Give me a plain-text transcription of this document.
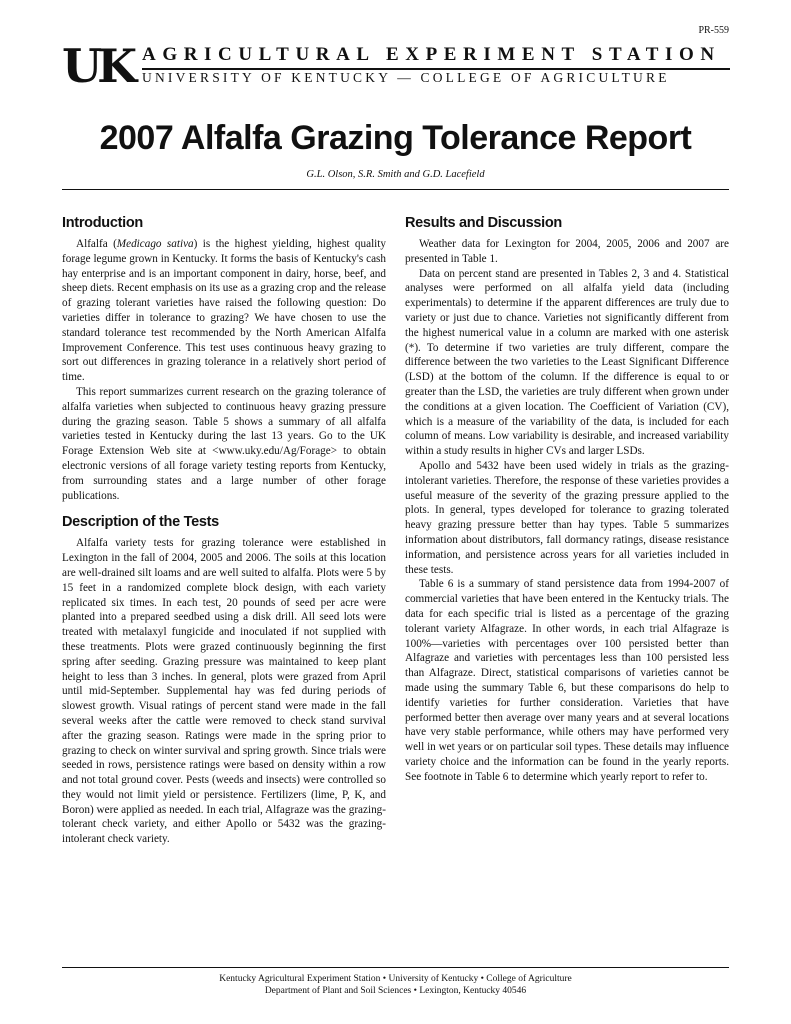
PR-559
UK AGRICULTURAL EXPERIMENT STATION
UNIVERSITY OF KENTUCKY — COLLEGE OF AGRICULTURE
2007 Alfalfa Grazing Tolerance Report
G.L. Olson, S.R. Smith and G.D. Lacefield
Introduction

Alfalfa (Medicago sativa) is the highest yielding, highest quality forage legume grown in Kentucky. It forms the basis of Kentucky's cash hay enterprise and is an important component in dairy, horse, beef, and sheep diets. Recent emphasis on its use as a grazing crop and the release of grazing tolerant varieties have raised the following question: Do varieties differ in tolerance to grazing? We have chosen to use the standard tolerance test recommended by the North American Alfalfa Improvement Conference. This test uses continuous heavy grazing to sort out differences in grazing tolerance in a relatively short period of time.

This report summarizes current research on the grazing tolerance of alfalfa varieties when subjected to continuous heavy grazing pressure during the grazing season. Table 5 shows a summary of all alfalfa varieties tested in Kentucky during the last 13 years. Go to the UK Forage Extension Web site at <www.uky.edu/Ag/Forage> to obtain electronic versions of all forage variety testing reports from Kentucky, from surrounding states and a large number of other forage publications.

Description of the Tests

Alfalfa variety tests for grazing tolerance were established in Lexington in the fall of 2004, 2005 and 2006. The soils at this location are well-drained silt loams and are well suited to alfalfa. Plots were 5 by 15 feet in a randomized complete block design, with each variety replicated six times. In each test, 20 pounds of seed per acre were planted into a prepared seedbed using a disk drill. All seed lots were treated with metalaxyl fungicide and inoculated if not supplied with these treatments. Plots were grazed continuously beginning the first spring after seeding. Grazing pressure was maintained to keep plant height to less than 3 inches. In general, plots were grazed from April until mid-September. Supplemental hay was fed during periods of slowest growth. Visual ratings of percent stand were made in the fall several weeks after the cattle were removed to check stand survival after the grazing season. Ratings were made in the spring prior to grazing to check on winter survival and spring growth. Since trials were seeded in rows, persistence ratings were based on density within a row and not total ground cover. Pests (weeds and insects) were controlled so they would not limit yield or persistence. Fertilizers (lime, P, K, and Boron) were applied as needed. In each trial, Alfagraze was the grazing-tolerant check variety, and either Apollo or 5432 was the grazing-intolerant check variety.

Results and Discussion

Weather data for Lexington for 2004, 2005, 2006 and 2007 are presented in Table 1.

Data on percent stand are presented in Tables 2, 3 and 4. Statistical analyses were performed on all alfalfa yield data (including experimentals) to determine if the apparent differences are truly due to variety or just due to chance. Varieties not significantly different from the highest numerical value in a column are marked with one asterisk (*). To determine if two varieties are truly different, compare the difference between the two varieties to the Least Significant Difference (LSD) at the bottom of the column. If the difference is equal to or greater than the LSD, the varieties are truly different when grown under the conditions at a given location. The Coefficient of Variation (CV), which is a measure of the variability of the data, is included for each column of means. Low variability is desirable, and increased variability within a study results in higher CVs and larger LSDs.

Apollo and 5432 have been used widely in trials as the grazing-intolerant varieties. Therefore, the response of these varieties provides a useful measure of the severity of the grazing pressure applied to the plots. In general, types developed for tolerance to grazing tolerated heavy grazing pressure better than hay types. Table 5 summarizes information about distributors, fall dormancy ratings, disease resistance information, and persistence across years for all varieties included in these tests.

Table 6 is a summary of stand persistence data from 1994-2007 of commercial varieties that have been entered in the Kentucky trials. The data for each specific trial is listed as a percentage of the grazing tolerant variety Alfagraze. In other words, in each trial Alfagraze is 100%—varieties with percentages over 100 persisted better than Alfagraze and varieties with percentages less than 100 persisted less than Alfagraze. Direct, statistical comparisons of varieties cannot be made using the summary Table 6, but these comparisons do help to identify varieties for further consideration. Varieties that have performed better then average over many years and at several locations have very stable performance, while others may have performed very well in wet years or on particular soil types. These details may influence variety choice and the information can be found in the yearly reports. See footnote in Table 6 to determine which yearly report to refer to.

Kentucky Agricultural Experiment Station • University of Kentucky • College of Agriculture
Department of Plant and Soil Sciences • Lexington, Kentucky 40546
